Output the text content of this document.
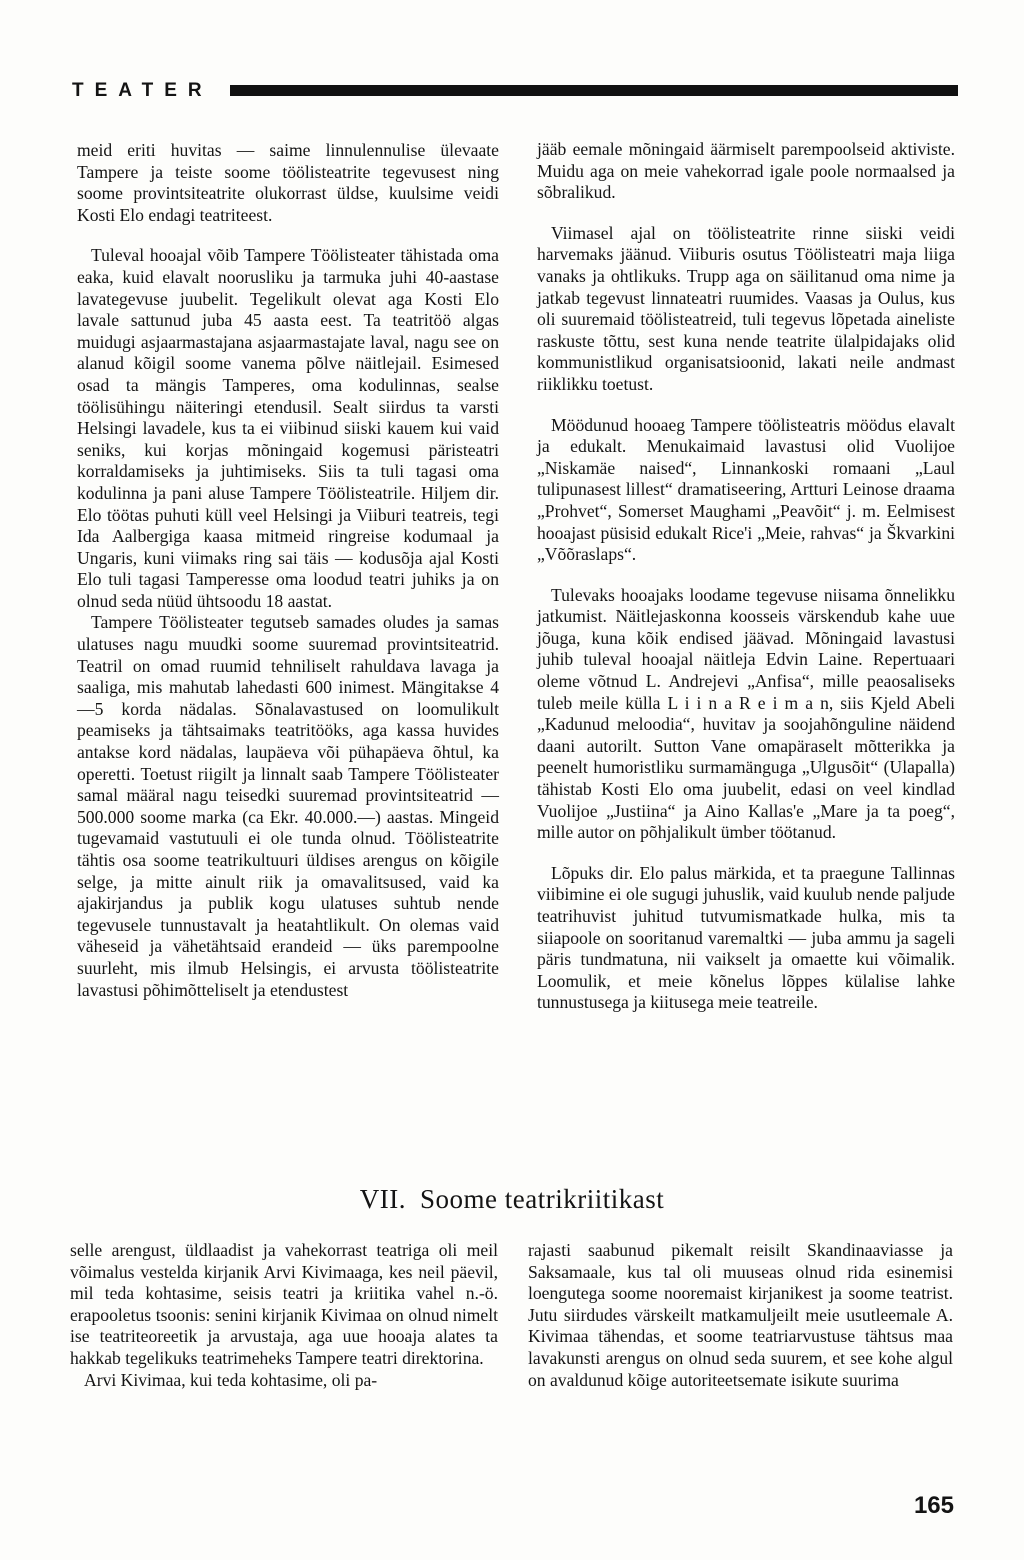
TEATER

meid eriti huvitas — saime linnulennulise ülevaate Tampere ja teiste soome töölisteatrite tegevusest ning soome provintsiteatrite olukorrast üldse, kuulsime veidi Kosti Elo endagi teatriteest.

Tuleval hooajal võib Tampere Töölisteater tähistada oma eaka, kuid elavalt noorusliku ja tarmuka juhi 40-aastase lavategevuse juubelit. Tegelikult olevat aga Kosti Elo lavale sattunud juba 45 aasta eest. Ta teatritöö algas muidugi asjaarmastajana asjaarmastajate laval, nagu see on alanud kõigil soome vanema põlve näitlejail. Esimesed osad ta mängis Tamperes, oma kodulinnas, sealse töölisühingu näiteringi etendusil. Sealt siirdus ta varsti Helsingi lavadele, kus ta ei viibinud siiski kauem kui vaid seniks, kui korjas mõningaid kogemusi päristeatri korraldamiseks ja juhtimiseks. Siis ta tuli tagasi oma kodulinna ja pani aluse Tampere Töölisteatrile. Hiljem dir. Elo töötas puhuti küll veel Helsingi ja Viiburi teatreis, tegi Ida Aalbergiga kaasa mitmeid ringreise kodumaal ja Ungaris, kuni viimaks ring sai täis — kodusõja ajal Kosti Elo tuli tagasi Tamperesse oma loodud teatri juhiks ja on olnud seda nüüd ühtsoodu 18 aastat.

Tampere Töölisteater tegutseb samades oludes ja samas ulatuses nagu muudki soome suuremad provintsiteatrid. Teatril on omad ruumid tehniliselt rahuldava lavaga ja saaliga, mis mahutab lahedasti 600 inimest. Mängitakse 4—5 korda nädalas. Sõnalavastused on loomulikult peamiseks ja tähtsaimaks teatritööks, aga kassa huvides antakse kord nädalas, laupäeva või pühapäeva õhtul, ka operetti. Toetust riigilt ja linnalt saab Tampere Töölisteater samal määral nagu teisedki suuremad provintsiteatrid — 500.000 soome marka (ca Ekr. 40.000.—) aastas. Mingeid tugevamaid vastutuuli ei ole tunda olnud. Töölisteatrite tähtis osa soome teatrikultuuri üldises arengus on kõigile selge, ja mitte ainult riik ja omavalitsused, vaid ka ajakirjandus ja publik kogu ulatuses suhtub nende tegevusele tunnustavalt ja heatahtlikult. On olemas vaid väheseid ja vähetähtsaid erandeid — üks parempoolne suurleht, mis ilmub Helsingis, ei arvusta töölisteatrite lavastusi põhimõtteliselt ja etendustest

jääb eemale mõningaid äärmiselt parempoolseid aktiviste. Muidu aga on meie vahekorrad igale poole normaalsed ja sõbralikud.

Viimasel ajal on töölisteatrite rinne siiski veidi harvemaks jäänud. Viiburis osutus Töölisteatri maja liiga vanaks ja ohtlikuks. Trupp aga on säilitanud oma nime ja jatkab tegevust linnateatri ruumides. Vaasas ja Oulus, kus oli suuremaid töölisteatreid, tuli tegevus lõpetada aineliste raskuste tõttu, sest kuna nende teatrite ülalpidajaks olid kommunistlikud organisatsioonid, lakati neile andmast riiklikku toetust.

Möödunud hooaeg Tampere töölisteatris möödus elavalt ja edukalt. Menukaimaid lavastusi olid Vuolijoe „Niskamäe naised“, Linnankoski romaani „Laul tulipunasest lillest“ dramatiseering, Artturi Leinose draama „Prohvet“, Somerset Maughami „Peavõit“ j. m. Eelmisest hooajast püsisid edukalt Rice'i „Meie, rahvas“ ja Škvarkini „Võõraslaps“.

Tulevaks hooajaks loodame tegevuse niisama õnnelikku jatkumist. Näitlejaskonna koosseis värskendub kahe uue jõuga, kuna kõik endised jäävad. Mõningaid lavastusi juhib tuleval hooajal näitleja Edvin Laine. Repertuaari oleme võtnud L. Andrejevi „Anfisa“, mille peaosaliseks tuleb meile külla L i i n a R e i m a n, siis Kjeld Abeli „Kadunud meloodia“, huvitav ja soojahõnguline näidend daani autorilt. Sutton Vane omapäraselt mõtterikka ja peenelt humoristliku surmamänguga „Ulgusõit“ (Ulapalla) tähistab Kosti Elo oma juubelit, edasi on veel kindlad Vuolijoe „Justiina“ ja Aino Kallas'e „Mare ja ta poeg“, mille autor on põhjalikult ümber töötanud.

Lõpuks dir. Elo palus märkida, et ta praegune Tallinnas viibimine ei ole sugugi juhuslik, vaid kuulub nende paljude teatrihuvist juhitud tutvumismatkade hulka, mis ta siiapoole on sooritanud varemaltki — juba ammu ja sageli päris tundmatuna, nii vaikselt ja omaette kui võimalik. Loomulik, et meie kõnelus lõppes külalise lahke tunnustusega ja kiitusega meie teatreile.

VII. Soome teatrikriitikast

selle arengust, üldlaadist ja vahekorrast teatriga oli meil võimalus vestelda kirjanik Arvi Kivimaaga, kes neil päevil, mil teda kohtasime, seisis teatri ja kriitika vahel n.-ö. erapooletus tsoonis: senini kirjanik Kivimaa on olnud nimelt ise teatriteoreetik ja arvustaja, aga uue hooaja alates ta hakkab tegelikuks teatrimeheks Tampere teatri direktorina.

Arvi Kivimaa, kui teda kohtasime, oli pa-

rajasti saabunud pikemalt reisilt Skandinaaviasse ja Saksamaale, kus tal oli muuseas olnud rida esinemisi loengutega soome nooremaist kirjanikest ja soome teatrist. Jutu siirdudes värskeilt matkamuljeilt meie usutleemale A. Kivimaa tähendas, et soome teatriarvustuse tähtsus maa lavakunsti arengus on olnud seda suurem, et see kohe algul on avaldunud kõige autoriteetsemate isikute suurima

165
